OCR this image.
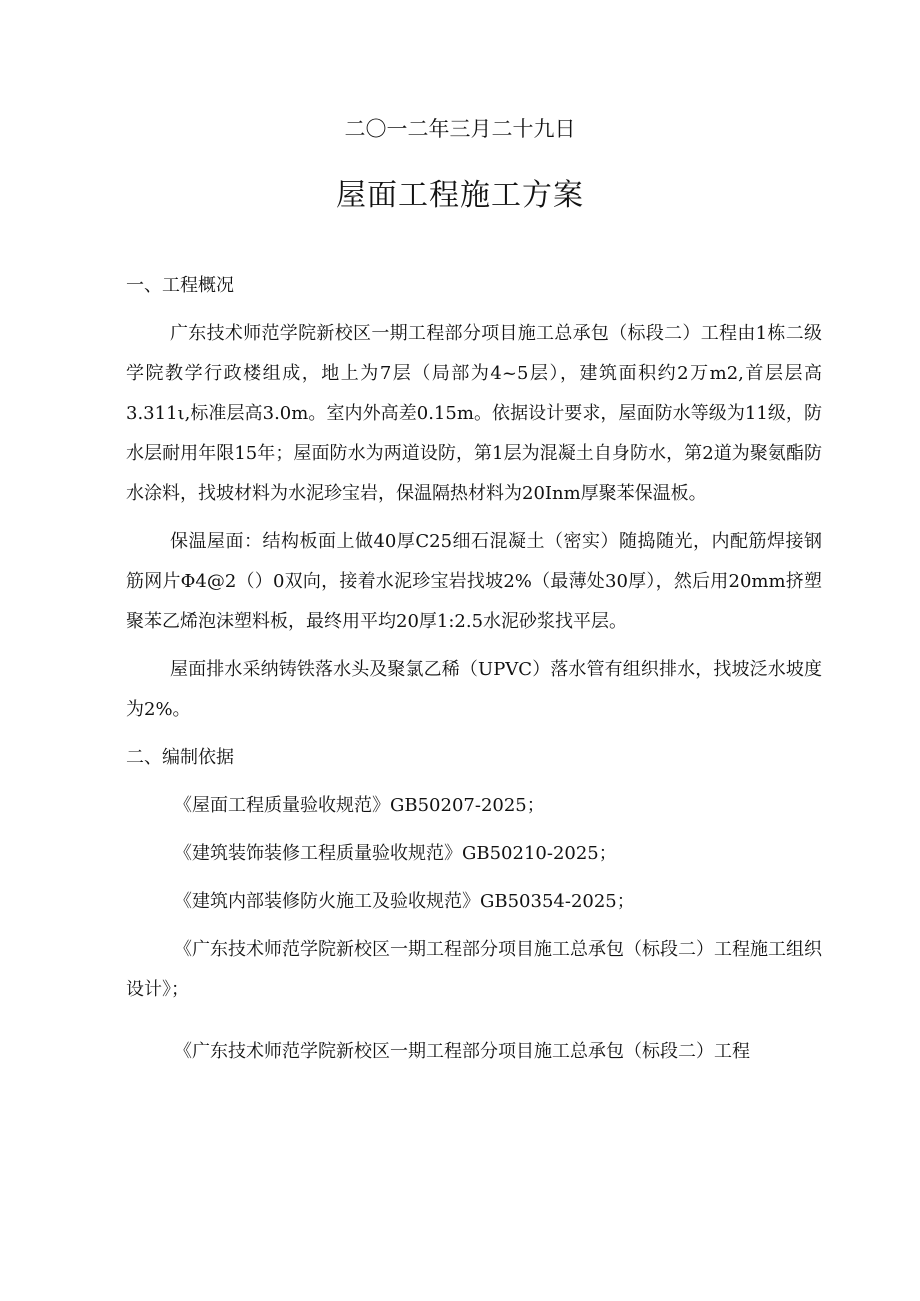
二〇一二年三月二十九日
屋面工程施工方案

一、工程概况

广东技术师范学院新校区一期工程部分项目施工总承包（标段二）工程由1栋二级学院教学行政楼组成，地上为7层（局部为4~5层），建筑面积约2万m2,首层层高3.311ι,标准层高3.0m。室内外高差0.15m。依据设计要求，屋面防水等级为11级，防水层耐用年限15年；屋面防水为两道设防，第1层为混凝土自身防水，第2道为聚氨酯防水涂料，找坡材料为水泥珍宝岩，保温隔热材料为20Inm厚聚苯保温板。

保温屋面：结构板面上做40厚C25细石混凝土（密实）随捣随光，内配筋焊接钢筋网片Φ4@2（）0双向，接着水泥珍宝岩找坡2%（最薄处30厚），然后用20mm挤塑聚苯乙烯泡沫塑料板，最终用平均20厚1:2.5水泥砂浆找平层。

屋面排水采纳铸铁落水头及聚氯乙稀（UPVC）落水管有组织排水，找坡泛水坡度为2%。

二、编制依据

《屋面工程质量验收规范》GB50207-2025；

《建筑装饰装修工程质量验收规范》GB50210-2025；

《建筑内部装修防火施工及验收规范》GB50354-2025；

《广东技术师范学院新校区一期工程部分项目施工总承包（标段二）工程施工组织设计》；

《广东技术师范学院新校区一期工程部分项目施工总承包（标段二）工程
